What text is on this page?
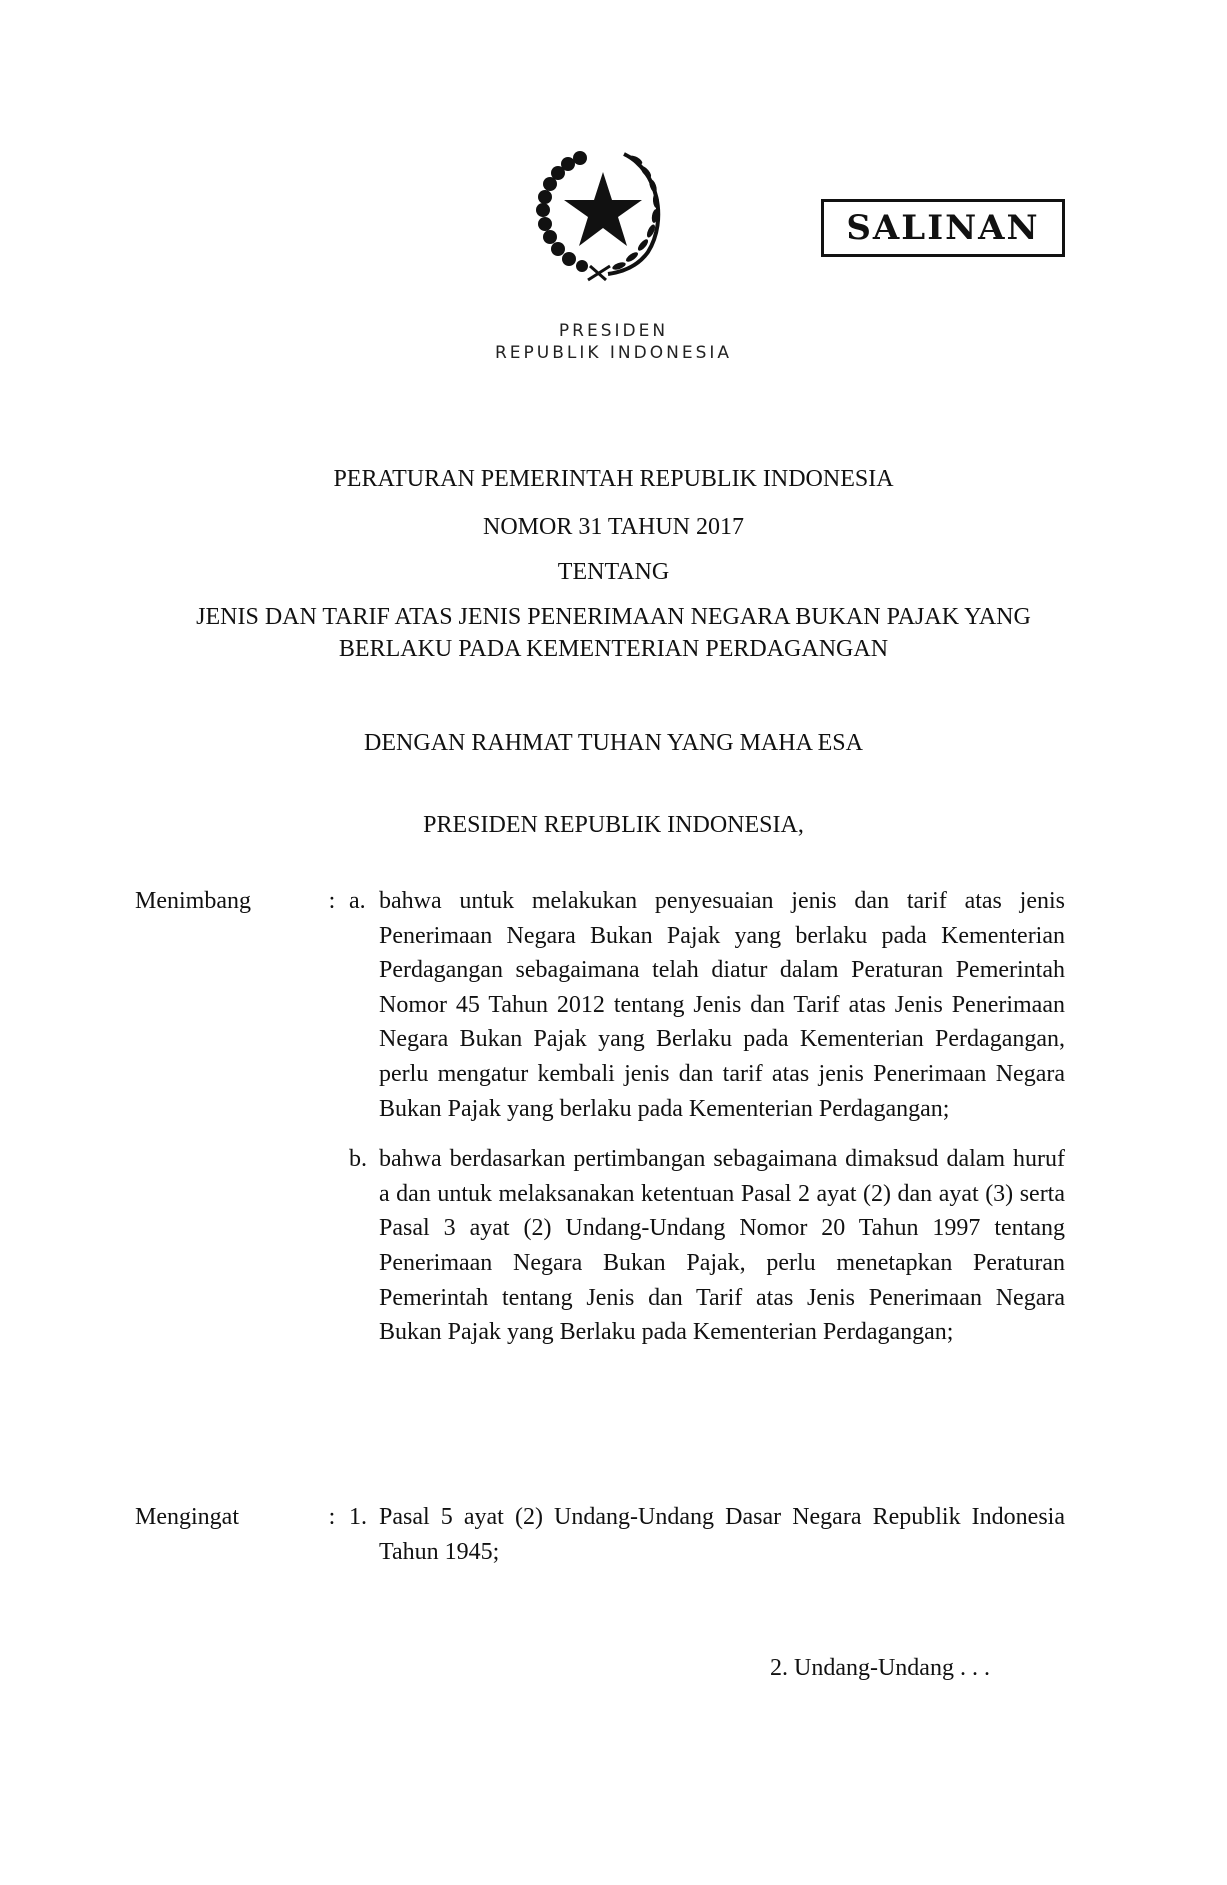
SALINAN
PRESIDEN
REPUBLIK INDONESIA
PERATURAN PEMERINTAH REPUBLIK INDONESIA
NOMOR 31 TAHUN 2017
TENTANG
JENIS DAN TARIF ATAS JENIS PENERIMAAN NEGARA BUKAN PAJAK YANG
BERLAKU PADA KEMENTERIAN PERDAGANGAN
DENGAN RAHMAT TUHAN YANG MAHA ESA
PRESIDEN REPUBLIK INDONESIA,
Menimbang	: a. bahwa untuk melakukan penyesuaian jenis dan tarif atas jenis Penerimaan Negara Bukan Pajak yang berlaku pada Kementerian Perdagangan sebagaimana telah diatur dalam Peraturan Pemerintah Nomor 45 Tahun 2012 tentang Jenis dan Tarif atas Jenis Penerimaan Negara Bukan Pajak yang Berlaku pada Kementerian Perdagangan, perlu mengatur kembali jenis dan tarif atas jenis Penerimaan Negara Bukan Pajak yang berlaku pada Kementerian Perdagangan;
b. bahwa berdasarkan pertimbangan sebagaimana dimaksud dalam huruf a dan untuk melaksanakan ketentuan Pasal 2 ayat (2) dan ayat (3) serta Pasal 3 ayat (2) Undang-Undang Nomor 20 Tahun 1997 tentang Penerimaan Negara Bukan Pajak, perlu menetapkan Peraturan Pemerintah tentang Jenis dan Tarif atas Jenis Penerimaan Negara Bukan Pajak yang Berlaku pada Kementerian Perdagangan;
Mengingat	: 1. Pasal 5 ayat (2) Undang-Undang Dasar Negara Republik Indonesia Tahun 1945;
2. Undang-Undang . . .
